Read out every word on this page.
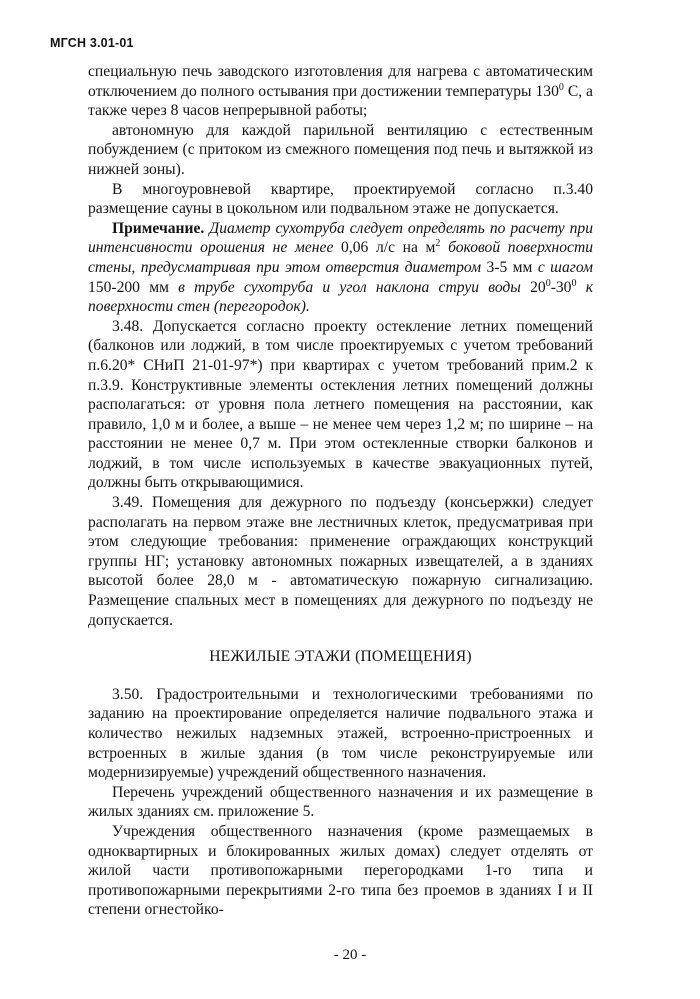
МГСН 3.01-01

специальную печь заводского изготовления для нагрева с автоматическим отключением до полного остывания при достижении температуры $130^0$ С, а также через 8 часов непрерывной работы;

автономную для каждой парильной вентиляцию с естественным побуждением (с притоком из смежного помещения под печь и вытяжкой из нижней зоны).

В многоуровневой квартире, проектируемой согласно п.3.40 размещение сауны в цокольном или подвальном этаже не допускается.

Примечание. Диаметр сухотруба следует определять по расчету при интенсивности орошения не менее 0,06 л/с на $м^2$ боковой поверхности стены, предусматривая при этом отверстия диаметром 3-5 мм с шагом 150-200 мм в трубе сухотруба и угол наклона струи воды $20^0-30^0$ к поверхности стен (перегородок).

3.48. Допускается согласно проекту остекление летних помещений (балконов или лоджий, в том числе проектируемых с учетом требований п.6.20* СНиП 21-01-97*) при квартирах с учетом требований прим.2 к п.3.9. Конструктивные элементы остекления летних помещений должны располагаться: от уровня пола летнего помещения на расстоянии, как правило, 1,0 м и более, а выше – не менее чем через 1,2 м; по ширине – на расстоянии не менее 0,7 м. При этом остекленные створки балконов и лоджий, в том числе используемых в качестве эвакуационных путей, должны быть открывающимися.

3.49. Помещения для дежурного по подъезду (консьержки) следует располагать на первом этаже вне лестничных клеток, предусматривая при этом следующие требования: применение ограждающих конструкций группы НГ; установку автономных пожарных извещателей, а в зданиях высотой более 28,0 м - автоматическую пожарную сигнализацию. Размещение спальных мест в помещениях для дежурного по подъезду не допускается.

НЕЖИЛЫЕ ЭТАЖИ (ПОМЕЩЕНИЯ)

3.50. Градостроительными и технологическими требованиями по заданию на проектирование определяется наличие подвального этажа и количество нежилых надземных этажей, встроенно-пристроенных и встроенных в жилые здания (в том числе реконструируемые или модернизируемые) учреждений общественного назначения.

Перечень учреждений общественного назначения и их размещение в жилых зданиях см. приложение 5.

Учреждения общественного назначения (кроме размещаемых в одноквартирных и блокированных жилых домах) следует отделять от жилой части противопожарными перегородками 1-го типа и противопожарными перекрытиями 2-го типа без проемов в зданиях I и II степени огнестойко-

- 20 -
